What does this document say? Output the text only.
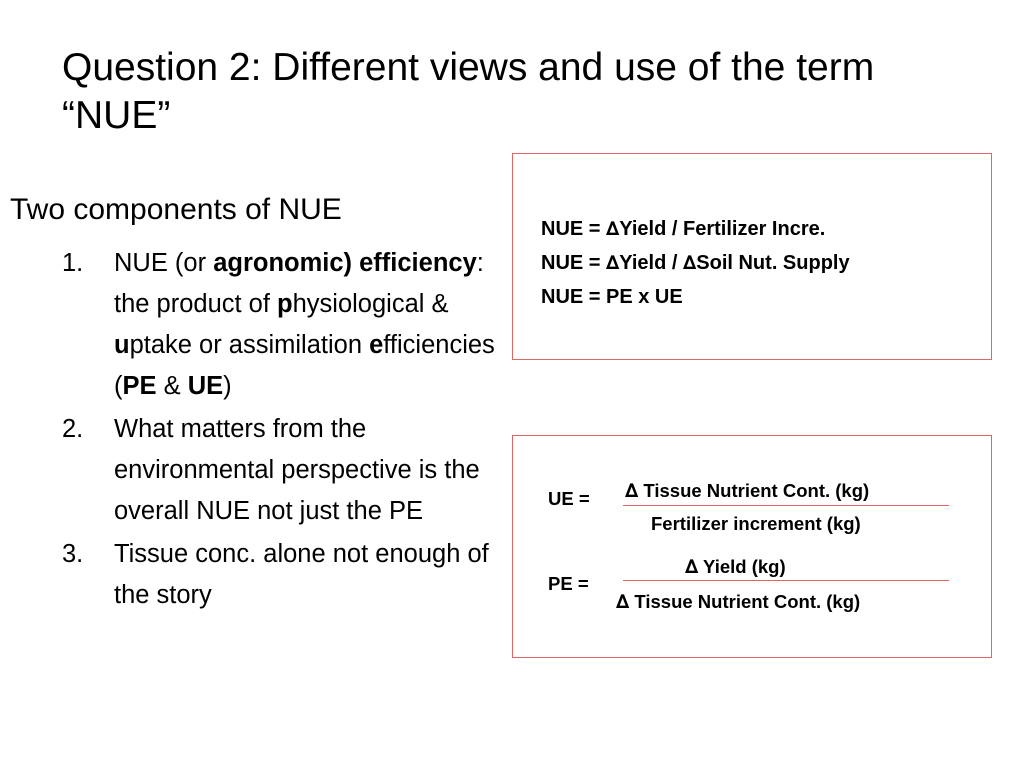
Question 2: Different views and use of the term
“NUE”
Two components of NUE
1. NUE (or agronomic) efficiency: the product of physiological & uptake or assimilation efficiencies (PE & UE)
2. What matters from the environmental perspective is the overall NUE not just the PE
3. Tissue conc. alone not enough of the story
NUE = ∆Yield / Fertilizer Incre.
NUE = ∆Yield / ∆Soil Nut. Supply
NUE = PE x UE
UE = ∆ Tissue Nutrient Cont. (kg)
Fertilizer increment (kg)
PE =
∆ Yield (kg)
∆ Tissue Nutrient Cont. (kg)
